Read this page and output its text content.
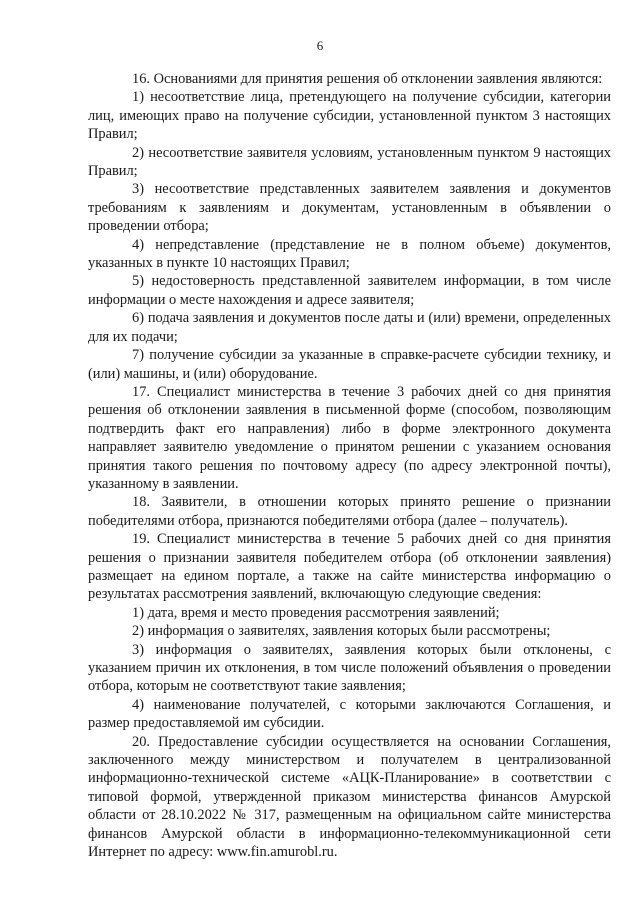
6

16. Основаниями для принятия решения об отклонении заявления являются:

1) несоответствие лица, претендующего на получение субсидии, категории лиц, имеющих право на получение субсидии, установленной пунктом 3 настоящих Правил;

2) несоответствие заявителя условиям, установленным пунктом 9 настоящих Правил;

3) несоответствие представленных заявителем заявления и документов требованиям к заявлениям и документам, установленным в объявлении о проведении отбора;

4) непредставление (представление не в полном объеме) документов, указанных в пункте 10 настоящих Правил;

5) недостоверность представленной заявителем информации, в том числе информации о месте нахождения и адресе заявителя;

6) подача заявления и документов после даты и (или) времени, определенных для их подачи;

7) получение субсидии за указанные в справке-расчете субсидии технику, и (или) машины, и (или) оборудование.

17. Специалист министерства в течение 3 рабочих дней со дня принятия решения об отклонении заявления в письменной форме (способом, позволяющим подтвердить факт его направления) либо в форме электронного документа направляет заявителю уведомление о принятом решении с указанием основания принятия такого решения по почтовому адресу (по адресу электронной почты), указанному в заявлении.

18. Заявители, в отношении которых принято решение о признании победителями отбора, признаются победителями отбора (далее – получатель).

19. Специалист министерства в течение 5 рабочих дней со дня принятия решения о признании заявителя победителем отбора (об отклонении заявления) размещает на едином портале, а также на сайте министерства информацию о результатах рассмотрения заявлений, включающую следующие сведения:

1) дата, время и место проведения рассмотрения заявлений;

2) информация о заявителях, заявления которых были рассмотрены;

3) информация о заявителях, заявления которых были отклонены, с указанием причин их отклонения, в том числе положений объявления о проведении отбора, которым не соответствуют такие заявления;

4) наименование получателей, с которыми заключаются Соглашения, и размер предоставляемой им субсидии.

20. Предоставление субсидии осуществляется на основании Соглашения, заключенного между министерством и получателем в централизованной информационно-технической системе «АЦК-Планирование» в соответствии с типовой формой, утвержденной приказом министерства финансов Амурской области от 28.10.2022 № 317, размещенным на официальном сайте министерства финансов Амурской области в информационно-телекоммуникационной сети Интернет по адресу: www.fin.amurobl.ru.
